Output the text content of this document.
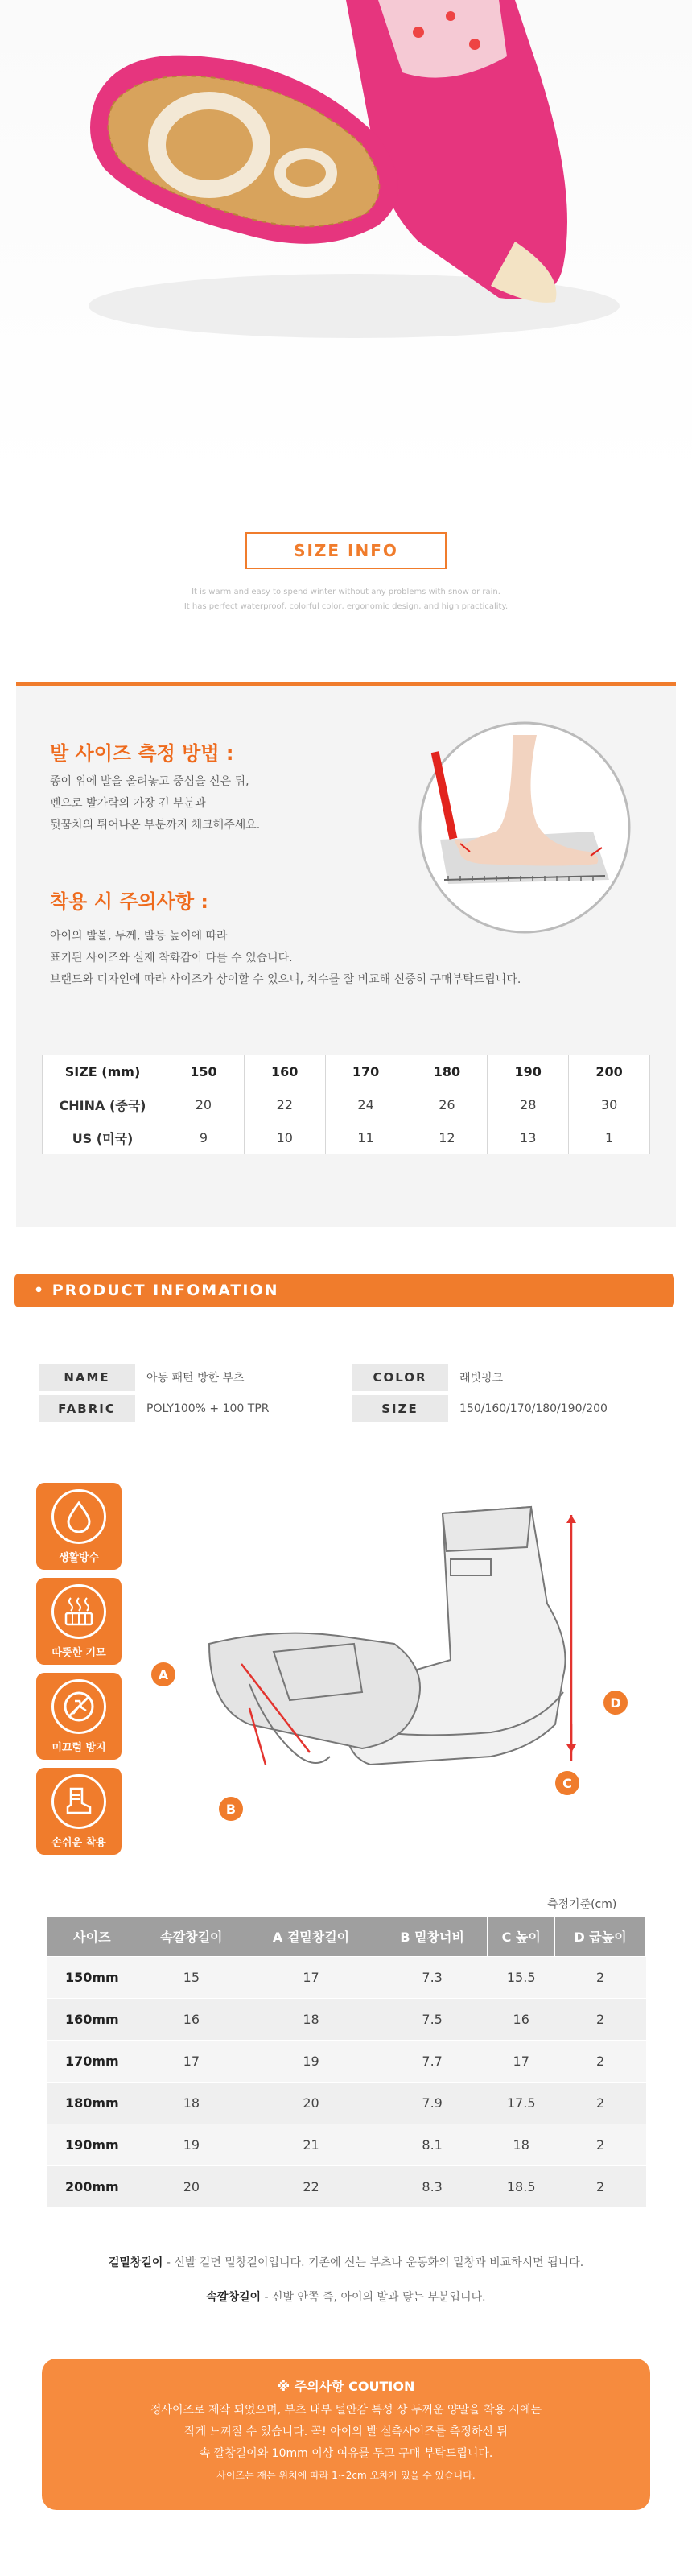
SIZE INFO
It is warm and easy to spend winter without any problems with snow or rain.
It has perfect waterproof, colorful color, ergonomic design, and high practicality.
발 사이즈 측정 방법 :
종이 위에 발을 올려놓고 중심을 신은 뒤,
펜으로 발가락의 가장 긴 부분과
뒷꿈치의 튀어나온 부분까지 체크해주세요.
착용 시 주의사항 :
아이의 발볼, 두께, 발등 높이에 따라
표기된 사이즈와 실제 착화감이 다를 수 있습니다.
브랜드와 디자인에 따라 사이즈가 상이할 수 있으니, 치수를 잘 비교해 신중히 구매부탁드립니다.
SIZE (mm)	150	160	170	180	190	200
CHINA (중국)	20	22	24	26	28	30
US (미국)	9	10	11	12	13	1
• PRODUCT INFOMATION
NAME	아동 패턴 방한 부츠	COLOR	래빗핑크
FABRIC	POLY100% + 100 TPR	SIZE	150/160/170/180/190/200
생활방수
따뜻한 기모
미끄럼 방지
손쉬운 착용
A
B
C
D
측정기준(cm)
사이즈	속깔창길이	A 겉밑창길이	B 밑창너비	C 높이	D 굽높이
150mm	15	17	7.3	15.5	2
160mm	16	18	7.5	16	2
170mm	17	19	7.7	17	2
180mm	18	20	7.9	17.5	2
190mm	19	21	8.1	18	2
200mm	20	22	8.3	18.5	2
겉밑창길이 - 신발 겉면 밑창길이입니다. 기존에 신는 부츠나 운동화의 밑창과 비교하시면 됩니다.
속깔창길이 - 신발 안쪽 즉, 아이의 발과 닿는 부분입니다.
※ 주의사항 COUTION
정사이즈로 제작 되었으며, 부츠 내부 털안감 특성 상 두꺼운 양말을 착용 시에는
작게 느껴질 수 있습니다. 꼭! 아이의 발 실측사이즈를 측정하신 뒤
속 깔창길이와 10mm 이상 여유를 두고 구매 부탁드립니다.
사이즈는 재는 위치에 따라 1~2cm 오차가 있을 수 있습니다.
